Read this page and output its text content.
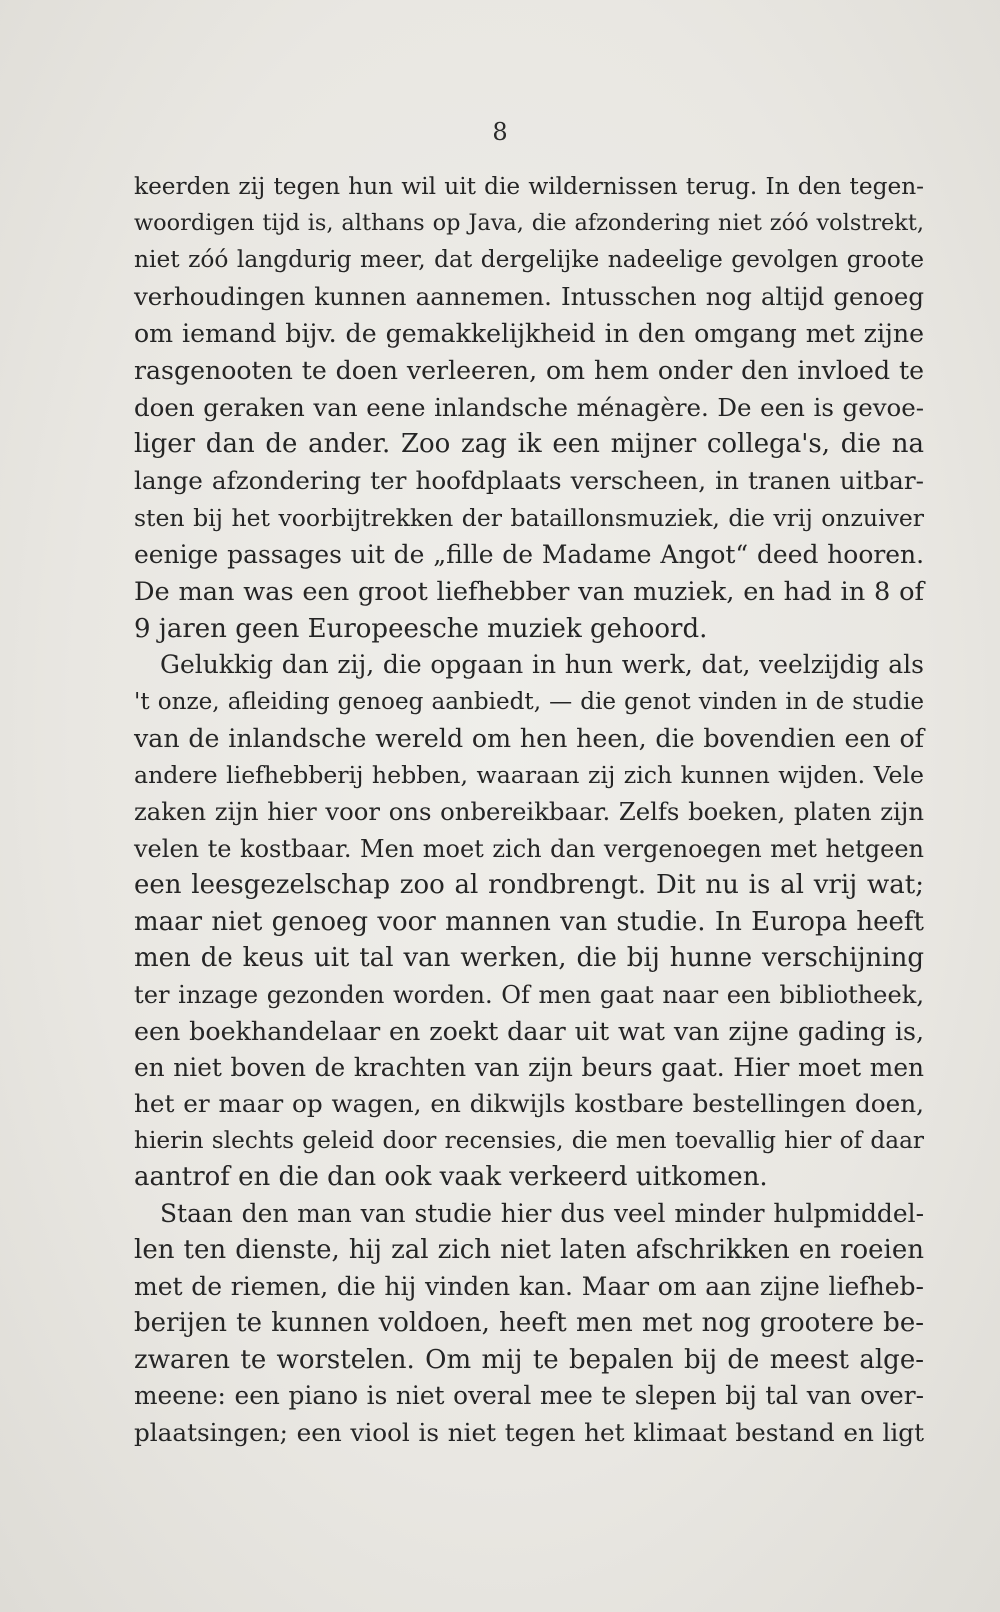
8
keerden zij tegen hun wil uit die wildernissen terug. In den tegen-
woordigen tijd is, althans op Java, die afzondering niet zóó volstrekt,
niet zóó langdurig meer, dat dergelijke nadeelige gevolgen groote
verhoudingen kunnen aannemen. Intusschen nog altijd genoeg
om iemand bijv. de gemakkelijkheid in den omgang met zijne
rasgenooten te doen verleeren, om hem onder den invloed te
doen geraken van eene inlandsche ménagère. De een is gevoe-
liger dan de ander. Zoo zag ik een mijner collega's, die na
lange afzondering ter hoofdplaats verscheen, in tranen uitbar-
sten bij het voorbijtrekken der bataillonsmuziek, die vrij onzuiver
eenige passages uit de „fille de Madame Angot“ deed hooren.
De man was een groot liefhebber van muziek, en had in 8 of
9 jaren geen Europeesche muziek gehoord.
Gelukkig dan zij, die opgaan in hun werk, dat, veelzijdig als
't onze, afleiding genoeg aanbiedt, — die genot vinden in de studie
van de inlandsche wereld om hen heen, die bovendien een of
andere liefhebberij hebben, waaraan zij zich kunnen wijden. Vele
zaken zijn hier voor ons onbereikbaar. Zelfs boeken, platen zijn
velen te kostbaar. Men moet zich dan vergenoegen met hetgeen
een leesgezelschap zoo al rondbrengt. Dit nu is al vrij wat;
maar niet genoeg voor mannen van studie. In Europa heeft
men de keus uit tal van werken, die bij hunne verschijning
ter inzage gezonden worden. Of men gaat naar een bibliotheek,
een boekhandelaar en zoekt daar uit wat van zijne gading is,
en niet boven de krachten van zijn beurs gaat. Hier moet men
het er maar op wagen, en dikwijls kostbare bestellingen doen,
hierin slechts geleid door recensies, die men toevallig hier of daar
aantrof en die dan ook vaak verkeerd uitkomen.
Staan den man van studie hier dus veel minder hulpmiddel-
len ten dienste, hij zal zich niet laten afschrikken en roeien
met de riemen, die hij vinden kan. Maar om aan zijne liefheb-
berijen te kunnen voldoen, heeft men met nog grootere be-
zwaren te worstelen. Om mij te bepalen bij de meest alge-
meene: een piano is niet overal mee te slepen bij tal van over-
plaatsingen; een viool is niet tegen het klimaat bestand en ligt
